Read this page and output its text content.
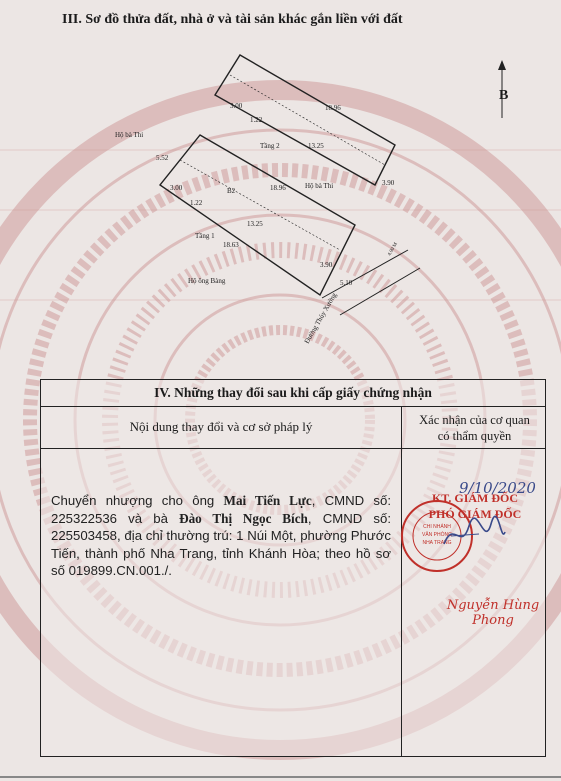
III. Sơ đồ thửa đất, nhà ở và tài sản khác gắn liền với đất
B
3.00	18.96
1.22
Tầng 2	13.25
Hộ bà Thi
5.52
3.90
3.00	B2	18.96	Hộ bà Thi
1.22
13.25
Tầng 1
18.63
3.90
Hộ ông Bàng	5.10
Đường Thủy Xưởng
4.00 M
IV. Những thay đổi sau khi cấp giấy chứng nhận
Nội dung thay đổi và cơ sở pháp lý	Xác nhận của cơ quan
có thẩm quyền
Chuyển nhượng cho ông Mai Tiến Lực, CMND số: 225322536 và bà Đào Thị Ngọc Bích, CMND số: 225503458, địa chỉ thường trú: 1 Núi Một, phường Phước Tiến, thành phố Nha Trang, tỉnh Khánh Hòa; theo hồ sơ số 019899.CN.001./.
CHI NHÁNH
VĂN PHÒNG
NHA TRANG
9/10/2020
KT. GIÁM ĐỐC
PHÓ GIÁM ĐỐC
Nguyễn Hùng Phong
